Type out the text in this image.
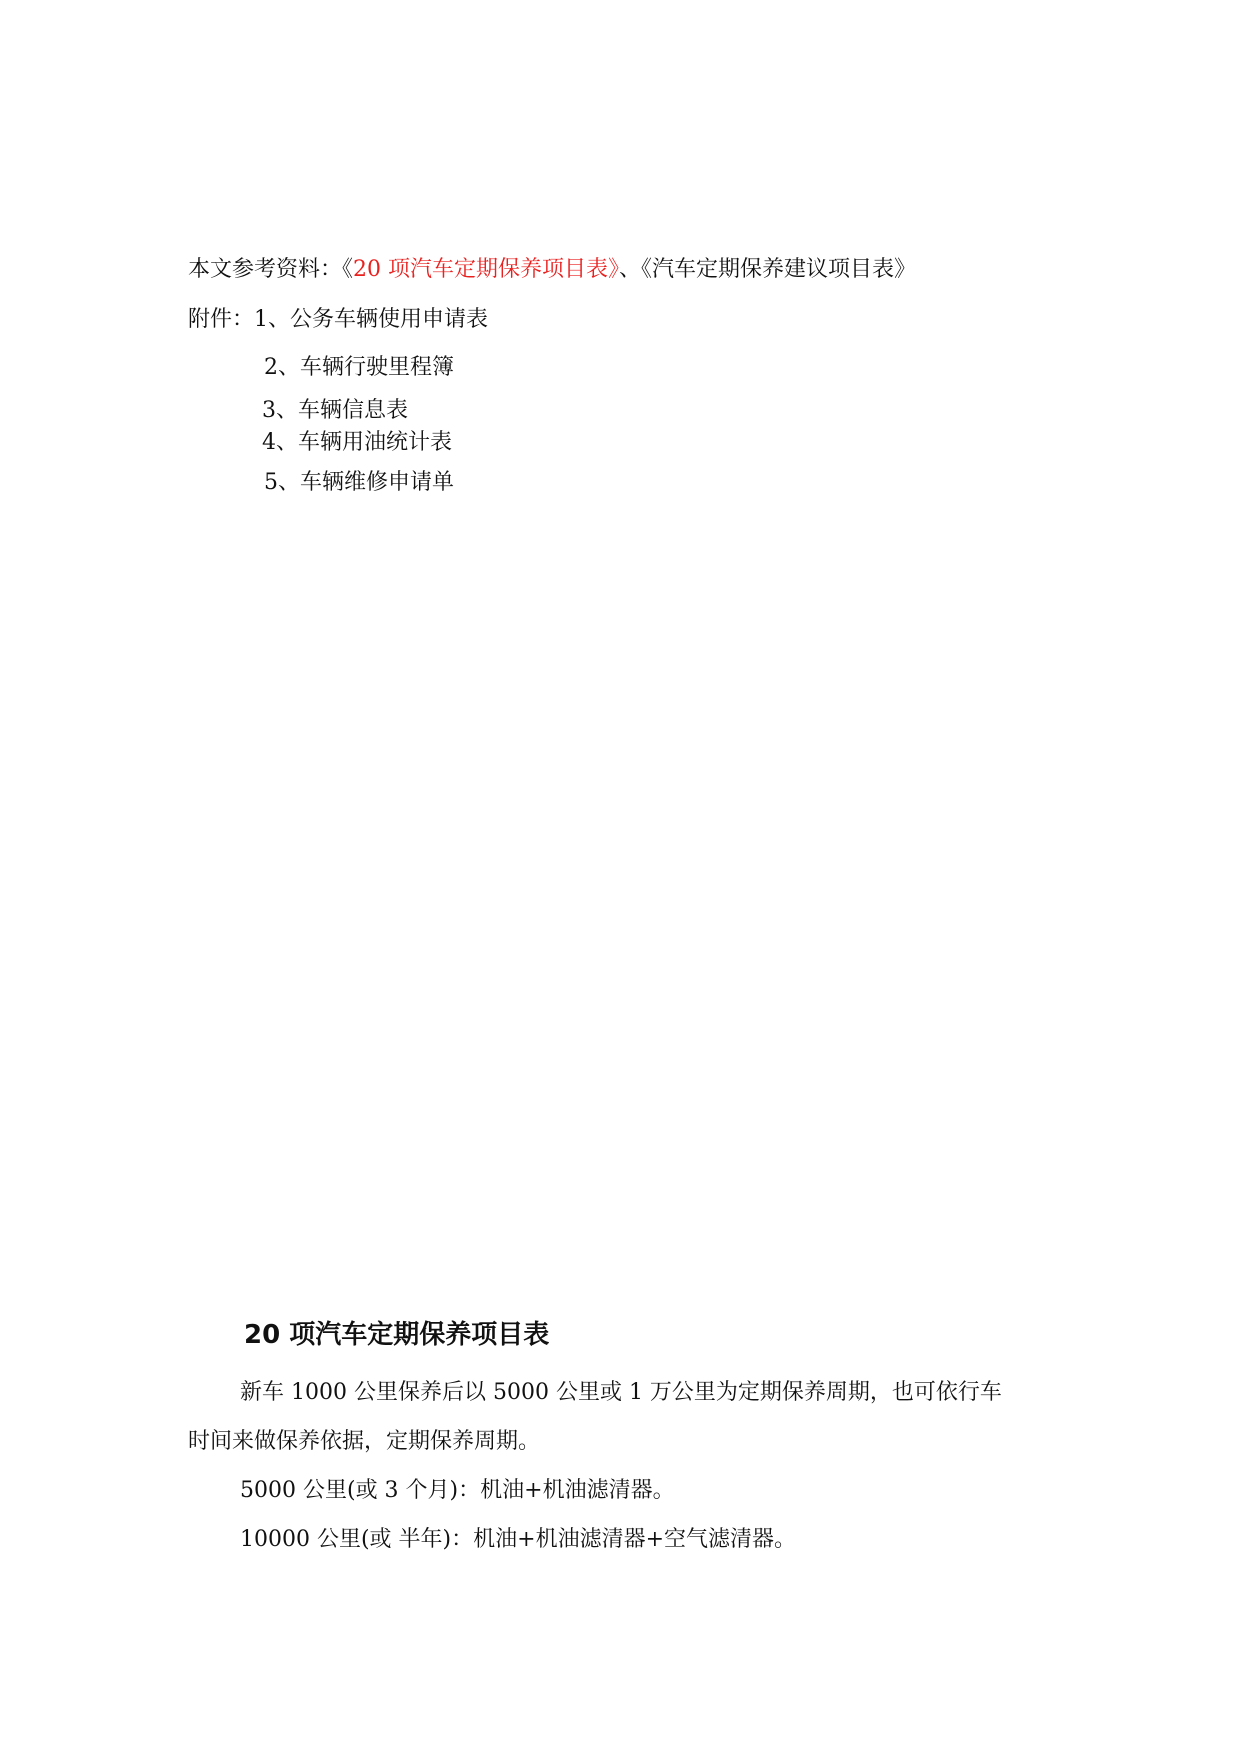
本文参考资料：《20 项汽车定期保养项目表》、《汽车定期保养建议项目表》
附件：1、公务车辆使用申请表
2、车辆行驶里程簿
3、车辆信息表
4、车辆用油统计表
5、车辆维修申请单
20 项汽车定期保养项目表
新车 1000 公里保养后以 5000 公里或 1 万公里为定期保养周期，也可依行车
时间来做保养依据，定期保养周期。
5000 公里(或 3 个月)：机油+机油滤清器。
10000 公里(或 半年)：机油+机油滤清器+空气滤清器。
